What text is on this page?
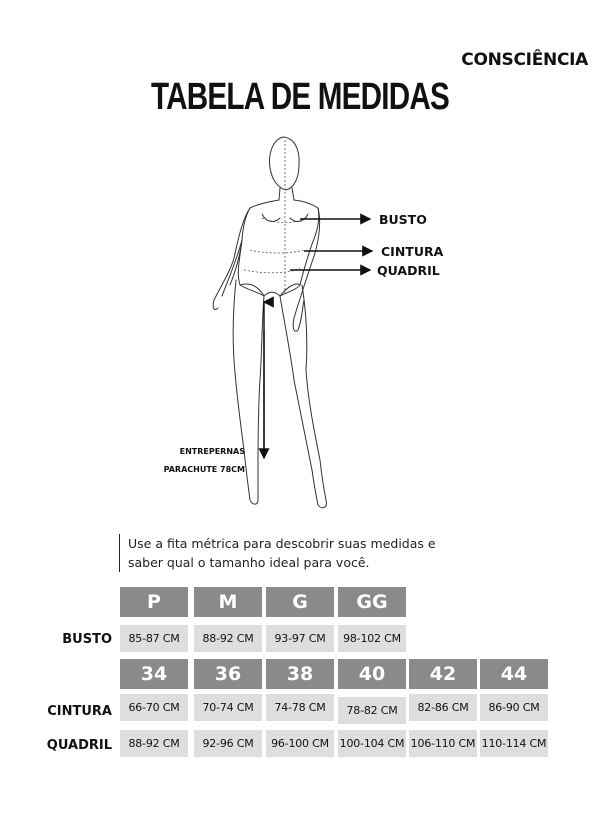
CONSCIÊNCIA
TABELA DE MEDIDAS
BUSTO
CINTURA
QUADRIL
ENTREPERNAS
PARACHUTE 78CM
Use a fita métrica para descobrir suas medidas e
saber qual o tamanho ideal para você.
P	M	G	GG
BUSTO	85-87 CM	88-92 CM	93-97 CM	98-102 CM
34	36	38	40	42	44
CINTURA	66-70 CM	70-74 CM	74-78 CM	78-82 CM	82-86 CM	86-90 CM
QUADRIL	88-92 CM	92-96 CM	96-100 CM 100-104 CM 106-110 CM 110-114 CM
